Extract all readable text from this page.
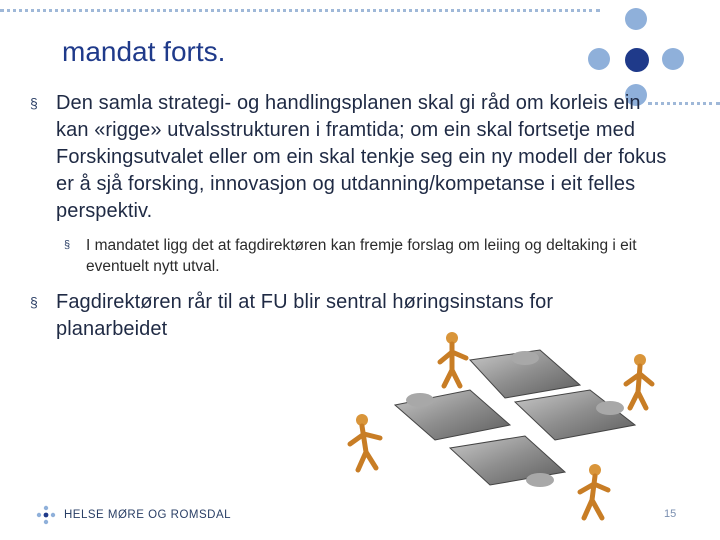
mandat forts.
§ Den samla strategi- og handlingsplanen skal gi råd om korleis ein kan «rigge» utvalsstrukturen i framtida; om ein skal fortsetje med Forskingsutvalet eller om ein skal tenkje seg ein ny modell der fokus er å sjå forsking, innovasjon og utdanning/kompetanse i eit felles perspektiv.
§ I mandatet ligg det at fagdirektøren kan fremje forslag om leiing og deltaking i eit eventuelt nytt utval.
§ Fagdirektøren rår til at FU blir sentral høringsinstans for planarbeidet
HELSE MØRE OG ROMSDAL	15
